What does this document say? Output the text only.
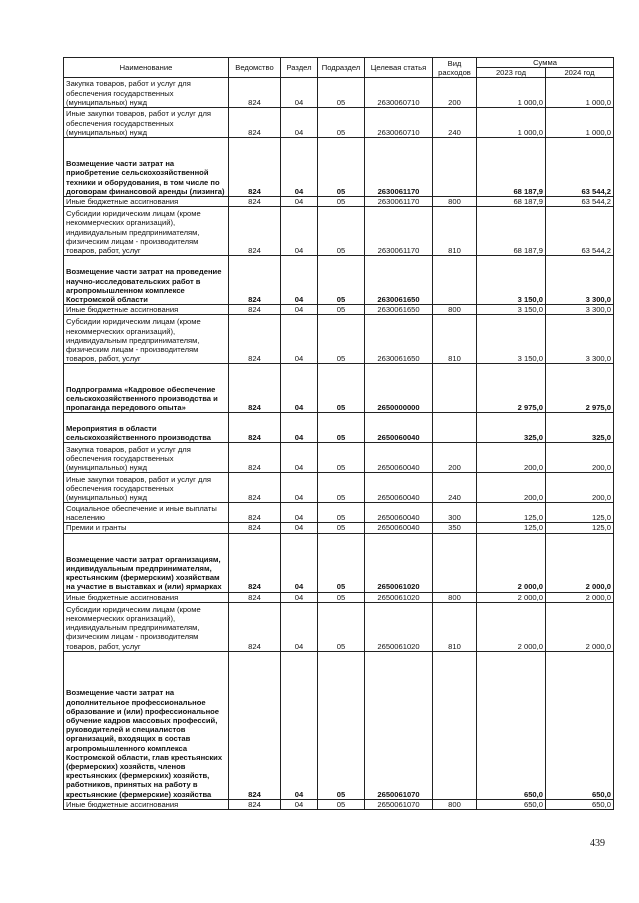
Наименование	Ведомство	Раздел	Подраздел	Целевая статья	Вид расходов	Сумма	
						2023 год	2024 год
Закупка товаров, работ и услуг для обеспечения государственных (муниципальных) нужд	824	04	05	2630060710	200	1 000,0	1 000,0
Иные закупки товаров, работ и услуг для обеспечения государственных (муниципальных) нужд	824	04	05	2630060710	240	1 000,0	1 000,0
Возмещение части затрат на приобретение сельскохозяйственной техники и оборудования, в том числе по договорам финансовой аренды (лизинга)	824	04	05	2630061170		68 187,9	63 544,2
Иные бюджетные ассигнования	824	04	05	2630061170	800	68 187,9	63 544,2
Субсидии юридическим лицам (кроме некоммерческих организаций), индивидуальным предпринимателям, физическим лицам - производителям товаров, работ, услуг	824	04	05	2630061170	810	68 187,9	63 544,2
Возмещение части затрат на проведение научно-исследовательских работ в агропромышленном комплексе Костромской области	824	04	05	2630061650		3 150,0	3 300,0
Иные бюджетные ассигнования	824	04	05	2630061650	800	3 150,0	3 300,0
Субсидии юридическим лицам (кроме некоммерческих организаций), индивидуальным предпринимателям, физическим лицам - производителям товаров, работ, услуг	824	04	05	2630061650	810	3 150,0	3 300,0
Подпрограмма «Кадровое обеспечение сельскохозяйственного производства и пропаганда передового опыта»	824	04	05	2650000000		2 975,0	2 975,0
Мероприятия в области сельскохозяйственного производства	824	04	05	2650060040		325,0	325,0
Закупка товаров, работ и услуг для обеспечения государственных (муниципальных) нужд	824	04	05	2650060040	200	200,0	200,0
Иные закупки товаров, работ и услуг для обеспечения государственных (муниципальных) нужд	824	04	05	2650060040	240	200,0	200,0
Социальное обеспечение и иные выплаты населению	824	04	05	2650060040	300	125,0	125,0
Премии и гранты	824	04	05	2650060040	350	125,0	125,0
Возмещение части затрат организациям, индивидуальным предпринимателям, крестьянским (фермерским) хозяйствам на участие в выставках и (или) ярмарках	824	04	05	2650061020		2 000,0	2 000,0
Иные бюджетные ассигнования	824	04	05	2650061020	800	2 000,0	2 000,0
Субсидии юридическим лицам (кроме некоммерческих организаций), индивидуальным предпринимателям, физическим лицам - производителям товаров, работ, услуг	824	04	05	2650061020	810	2 000,0	2 000,0
Возмещение части затрат на дополнительное профессиональное образование и (или) профессиональное обучение кадров массовых профессий, руководителей и специалистов организаций, входящих в состав агропромышленного комплекса Костромской области, глав крестьянских (фермерских) хозяйств, членов крестьянских (фермерских) хозяйств, работников, принятых на работу в крестьянские (фермерские) хозяйства	824	04	05	2650061070		650,0	650,0
Иные бюджетные ассигнования	824	04	05	2650061070	800	650,0	650,0
439
